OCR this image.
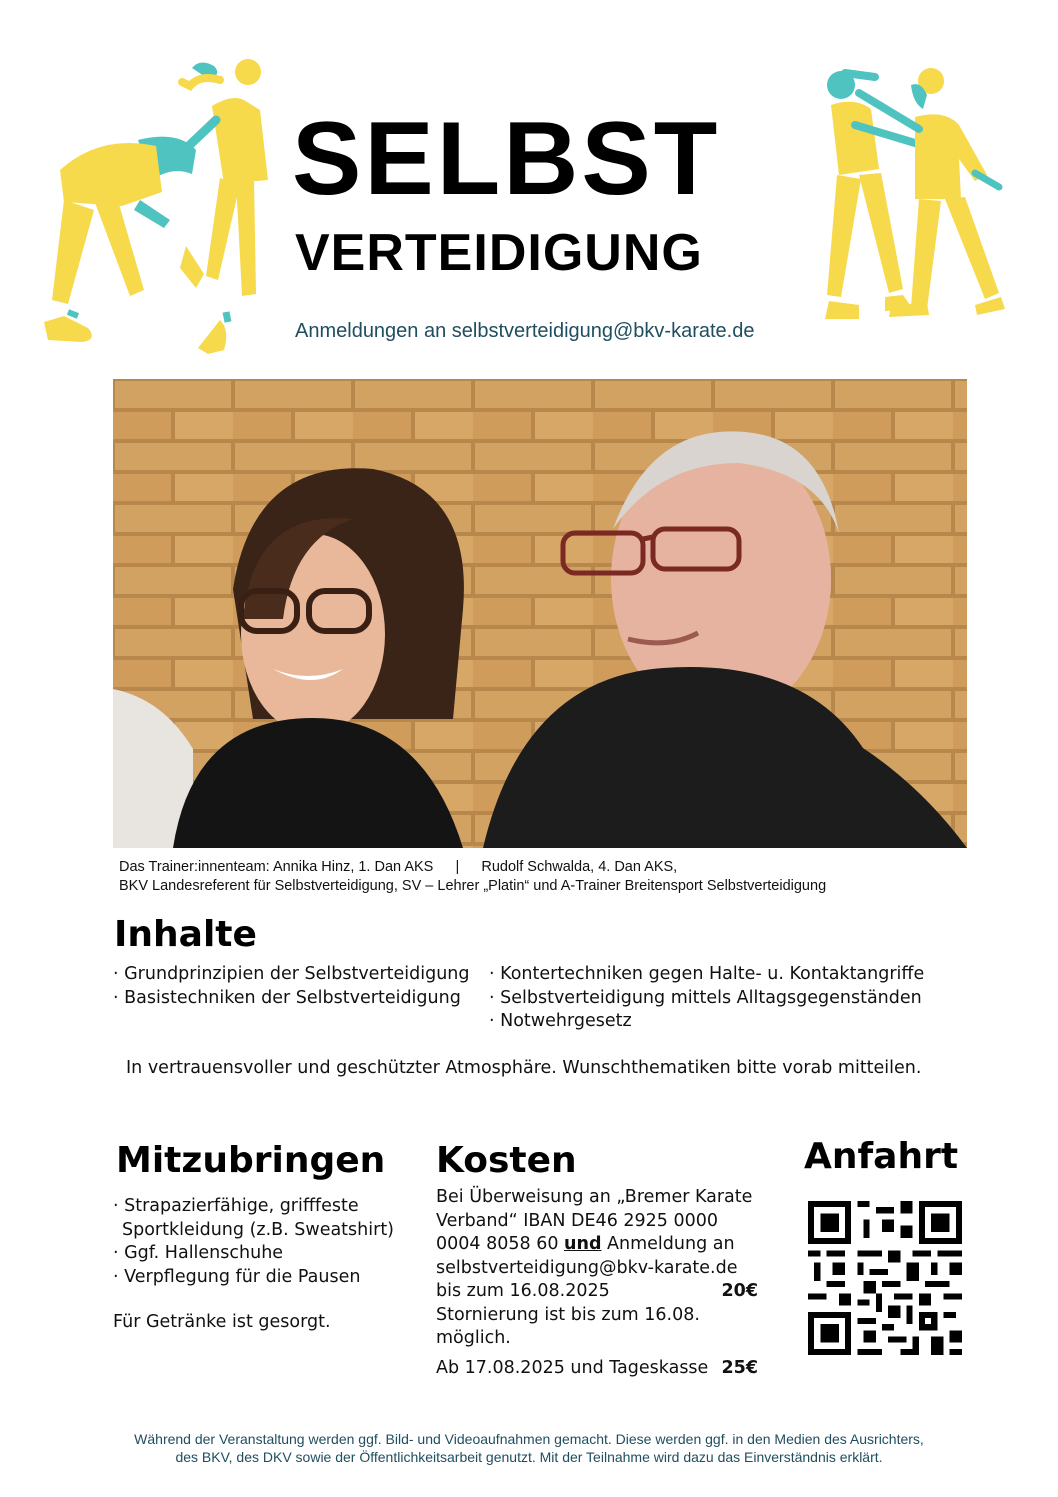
SELBST
VERTEIDIGUNG
Anmeldungen an selbstverteidigung@bkv-karate.de
Das Trainer:innenteam: Annika Hinz, 1. Dan AKS | Rudolf Schwalda, 4. Dan AKS,
BKV Landesreferent für Selbstverteidigung, SV – Lehrer „Platin“ und A-Trainer Breitensport Selbstverteidigung
Inhalte
· Grundprinzipien der Selbstverteidigung
· Basistechniken der Selbstverteidigung
· Kontertechniken gegen Halte- u. Kontaktangriffe
· Selbstverteidigung mittels Alltagsgegenständen
· Notwehrgesetz
In vertrauensvoller und geschützter Atmosphäre. Wunschthematiken bitte vorab mitteilen.
Mitzubringen Kosten	Anfahrt
· Strapazierfähige, grifffeste
Sportkleidung (z.B. Sweatshirt)
· Ggf. Hallenschuhe
· Verpflegung für die Pausen
Für Getränke ist gesorgt.
Bei Überweisung an „Bremer Karate
Verband“ IBAN DE46 2925 0000
0004 8058 60 und Anmeldung an
selbstverteidigung@bkv-karate.de
bis zum 16.08.2025	20€
Stornierung ist bis zum 16.08. möglich.
Ab 17.08.2025 und Tageskasse 25€
Während der Veranstaltung werden ggf. Bild- und Videoaufnahmen gemacht. Diese werden ggf. in den Medien des Ausrichters,
des BKV, des DKV sowie der Öffentlichkeitsarbeit genutzt. Mit der Teilnahme wird dazu das Einverständnis erklärt.
